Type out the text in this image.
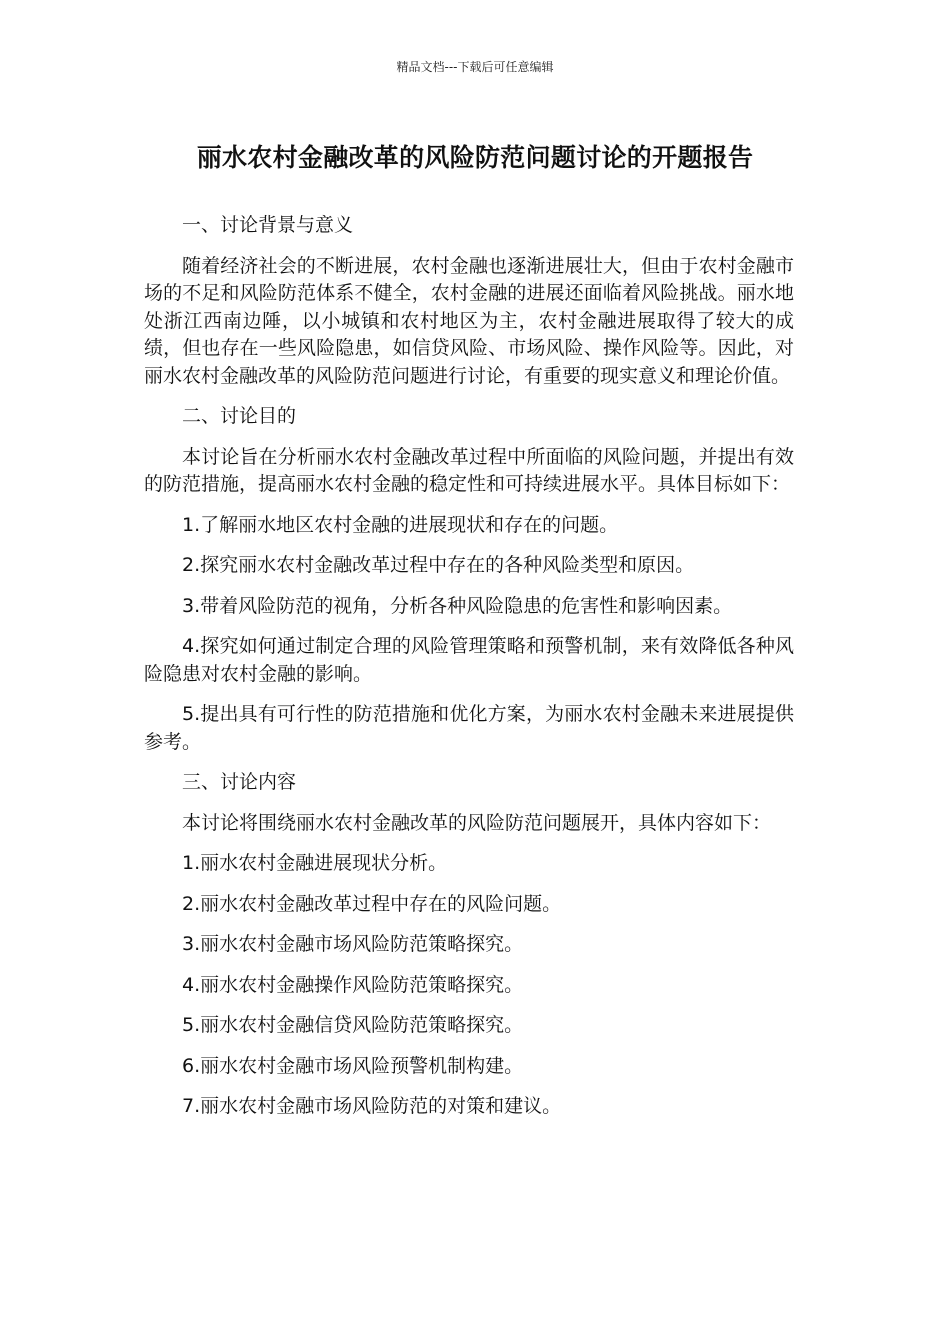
精品文档---下载后可任意编辑
丽水农村金融改革的风险防范问题讨论的开题报告

一、讨论背景与意义

随着经济社会的不断进展，农村金融也逐渐进展壮大，但由于农村金融市场的不足和风险防范体系不健全，农村金融的进展还面临着风险挑战。丽水地处浙江西南边陲，以小城镇和农村地区为主，农村金融进展取得了较大的成绩，但也存在一些风险隐患，如信贷风险、市场风险、操作风险等。因此，对丽水农村金融改革的风险防范问题进行讨论，有重要的现实意义和理论价值。

二、讨论目的

本讨论旨在分析丽水农村金融改革过程中所面临的风险问题，并提出有效的防范措施，提高丽水农村金融的稳定性和可持续进展水平。具体目标如下：

1.了解丽水地区农村金融的进展现状和存在的问题。

2.探究丽水农村金融改革过程中存在的各种风险类型和原因。

3.带着风险防范的视角，分析各种风险隐患的危害性和影响因素。

4.探究如何通过制定合理的风险管理策略和预警机制，来有效降低各种风险隐患对农村金融的影响。

5.提出具有可行性的防范措施和优化方案，为丽水农村金融未来进展提供参考。

三、讨论内容

本讨论将围绕丽水农村金融改革的风险防范问题展开，具体内容如下：

1.丽水农村金融进展现状分析。

2.丽水农村金融改革过程中存在的风险问题。

3.丽水农村金融市场风险防范策略探究。

4.丽水农村金融操作风险防范策略探究。

5.丽水农村金融信贷风险防范策略探究。

6.丽水农村金融市场风险预警机制构建。

7.丽水农村金融市场风险防范的对策和建议。
